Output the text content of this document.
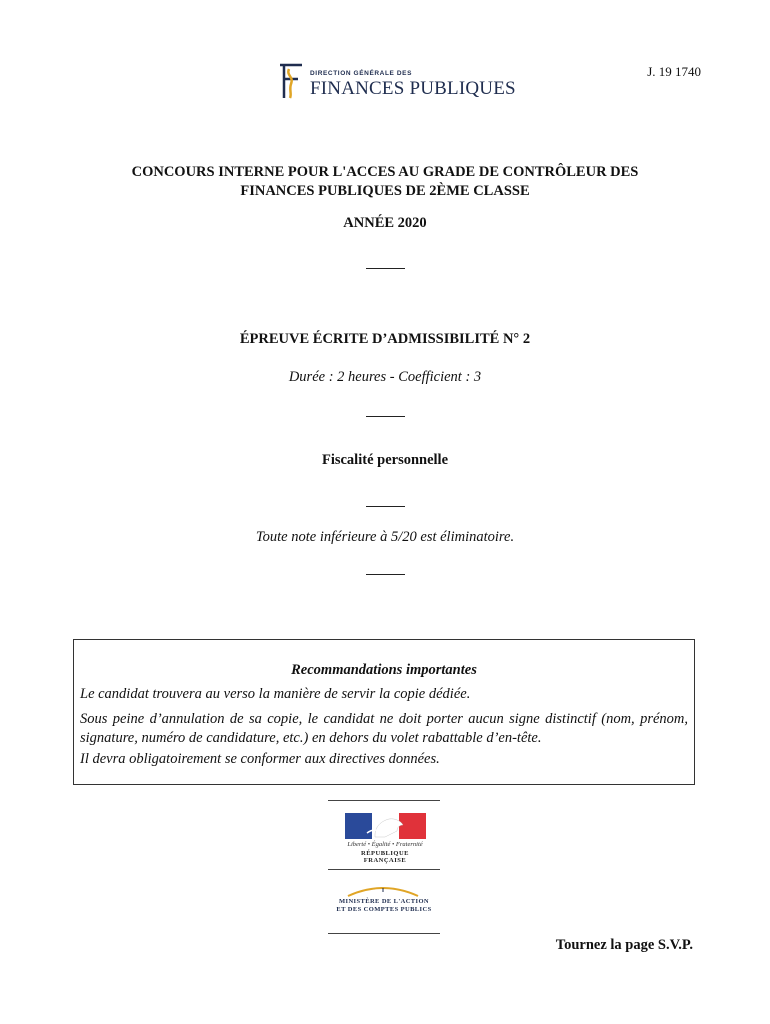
J. 19 1740
DIRECTION GÉNÉRALE DES
FINANCES PUBLIQUES
CONCOURS INTERNE POUR L'ACCES AU GRADE DE CONTRÔLEUR DES
FINANCES PUBLIQUES DE 2ÈME CLASSE
ANNÉE 2020
ÉPREUVE ÉCRITE D’ADMISSIBILITÉ N° 2
Durée : 2 heures - Coefficient : 3
Fiscalité personnelle
Toute note inférieure à 5/20 est éliminatoire.
Recommandations importantes
Le candidat trouvera au verso la manière de servir la copie dédiée.
Sous peine d’annulation de sa copie, le candidat ne doit porter aucun signe distinctif (nom, prénom, signature, numéro de candidature, etc.) en dehors du volet rabattable d’en-tête.
Il devra obligatoirement se conformer aux directives données.
Liberté • Égalité • Fraternité
RÉPUBLIQUE FRANÇAISE
MINISTÈRE DE L'ACTION
ET DES COMPTES PUBLICS
Tournez la page S.V.P.
